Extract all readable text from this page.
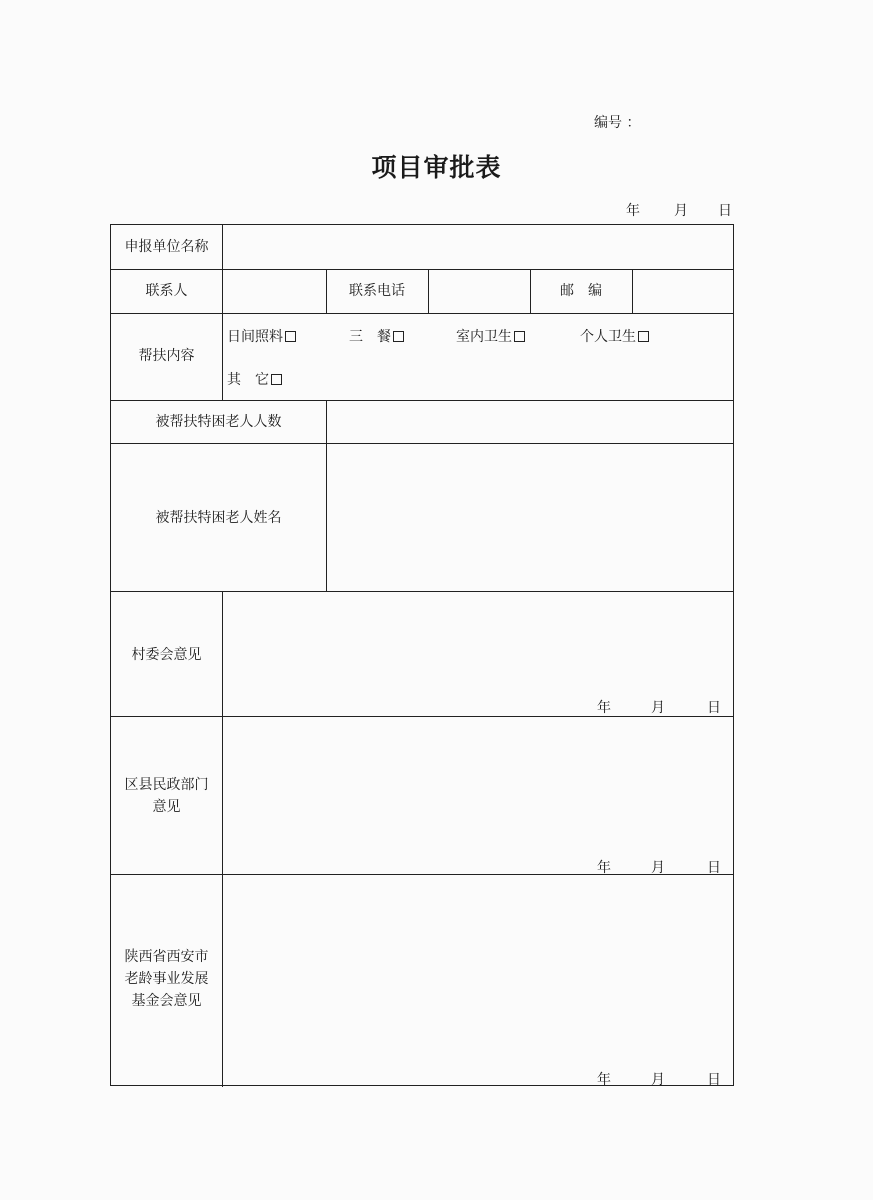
编号 ：
项目审批表
年 月 日
申报单位名称
联系人	联系电话	邮　编
帮扶内容
日间照料	三　餐	室内卫生	个人卫生
其　它
被帮扶特困老人人数
被帮扶特困老人姓名
村委会意见
年	月	日
区县民政部门
意见
年	月	日
陕西省西安市
老龄事业发展
基金会意见
年	月	日
